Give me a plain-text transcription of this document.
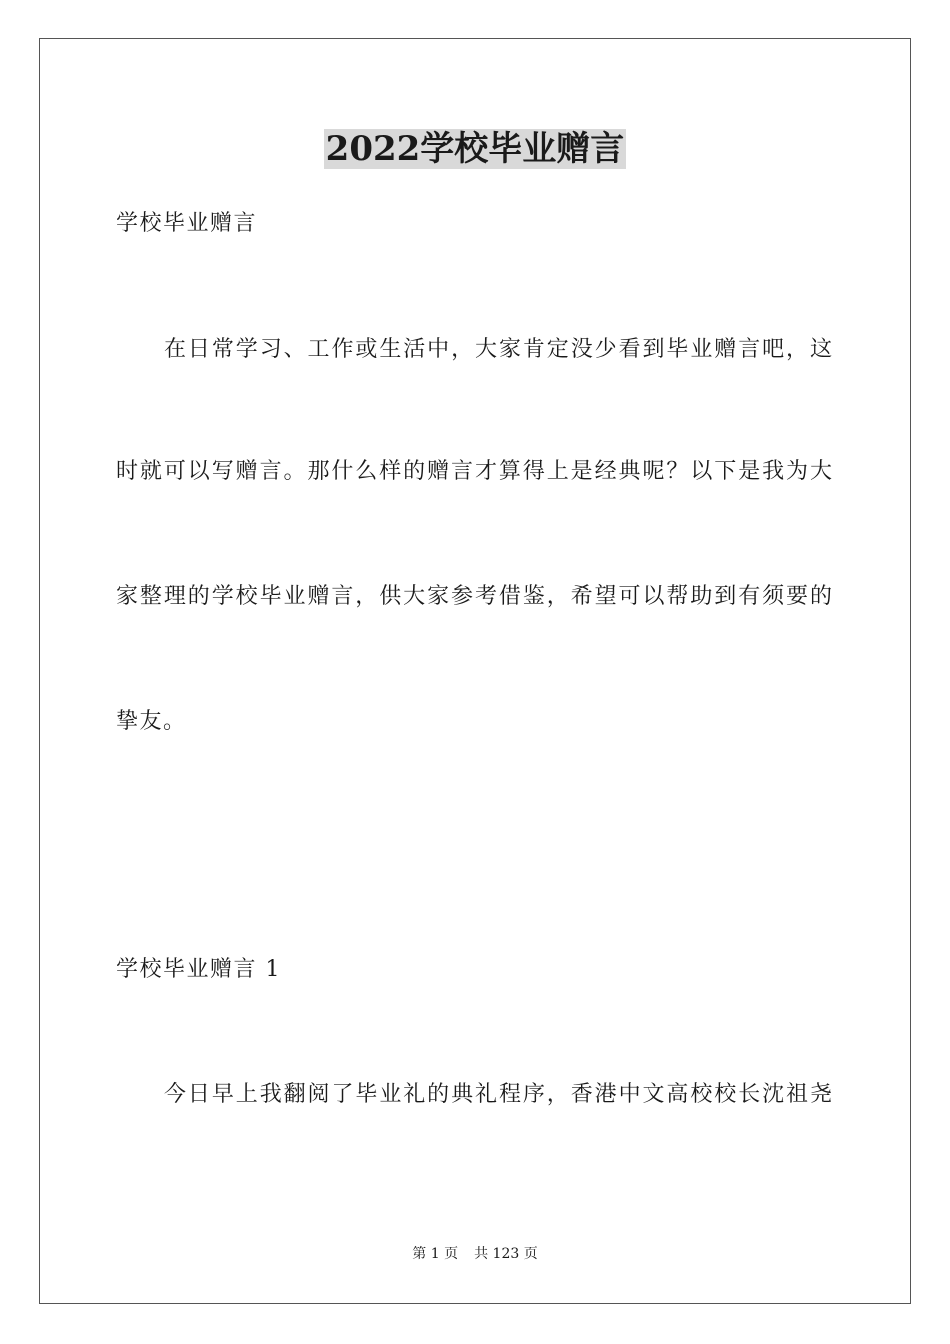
2022学校毕业赠言
学校毕业赠言
在日常学习、工作或生活中，大家肯定没少看到毕业赠言吧，这
时就可以写赠言。那什么样的赠言才算得上是经典呢？以下是我为大
家整理的学校毕业赠言，供大家参考借鉴，希望可以帮助到有须要的
挚友。
学校毕业赠言 1
今日早上我翻阅了毕业礼的典礼程序，香港中文高校校长沈祖尧
第 1 页 共 123 页
